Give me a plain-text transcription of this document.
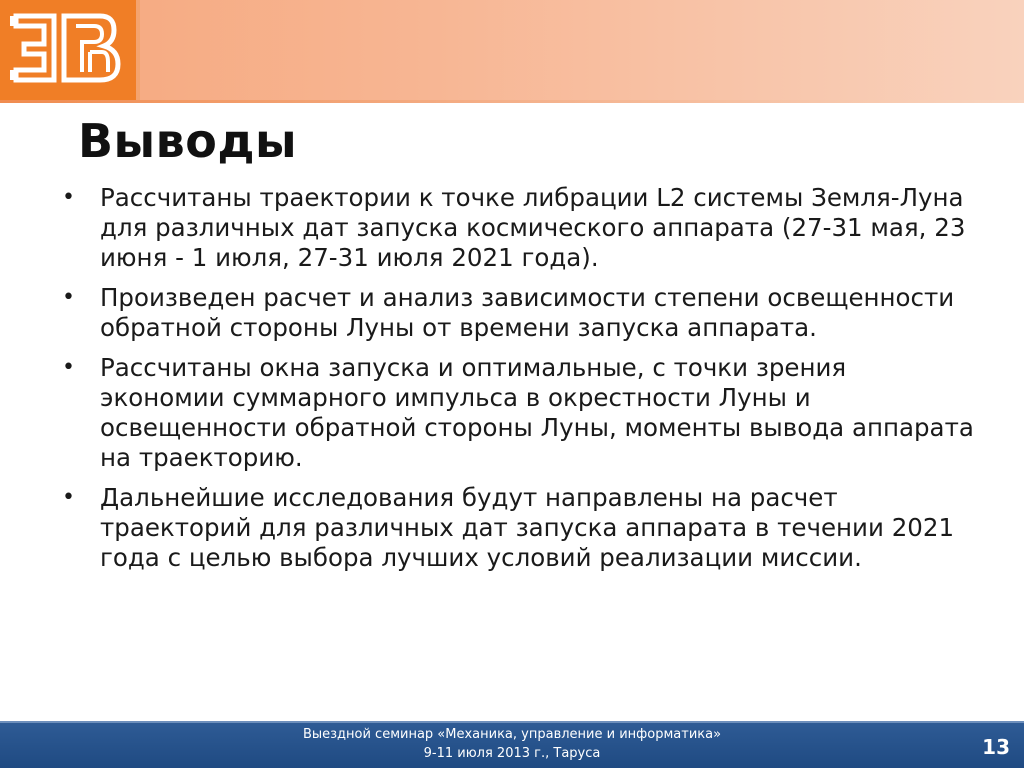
Выводы
• Рассчитаны траектории к точке либрации L2 системы Земля-Луна для различных дат запуска космического аппарата (27-31 мая, 23 июня - 1 июля, 27-31 июля 2021 года).
• Произведен расчет и анализ зависимости степени освещенности обратной стороны Луны от времени запуска аппарата.
• Рассчитаны окна запуска и оптимальные, с точки зрения экономии суммарного импульса в окрестности Луны и освещенности обратной стороны Луны, моменты вывода аппарата на траекторию.
• Дальнейшие исследования будут направлены на расчет траекторий для различных дат запуска аппарата в течении 2021 года с целью выбора лучших условий реализации миссии.
Выездной семинар «Механика, управление и информатика»
9-11 июля 2013 г., Таруса	13
